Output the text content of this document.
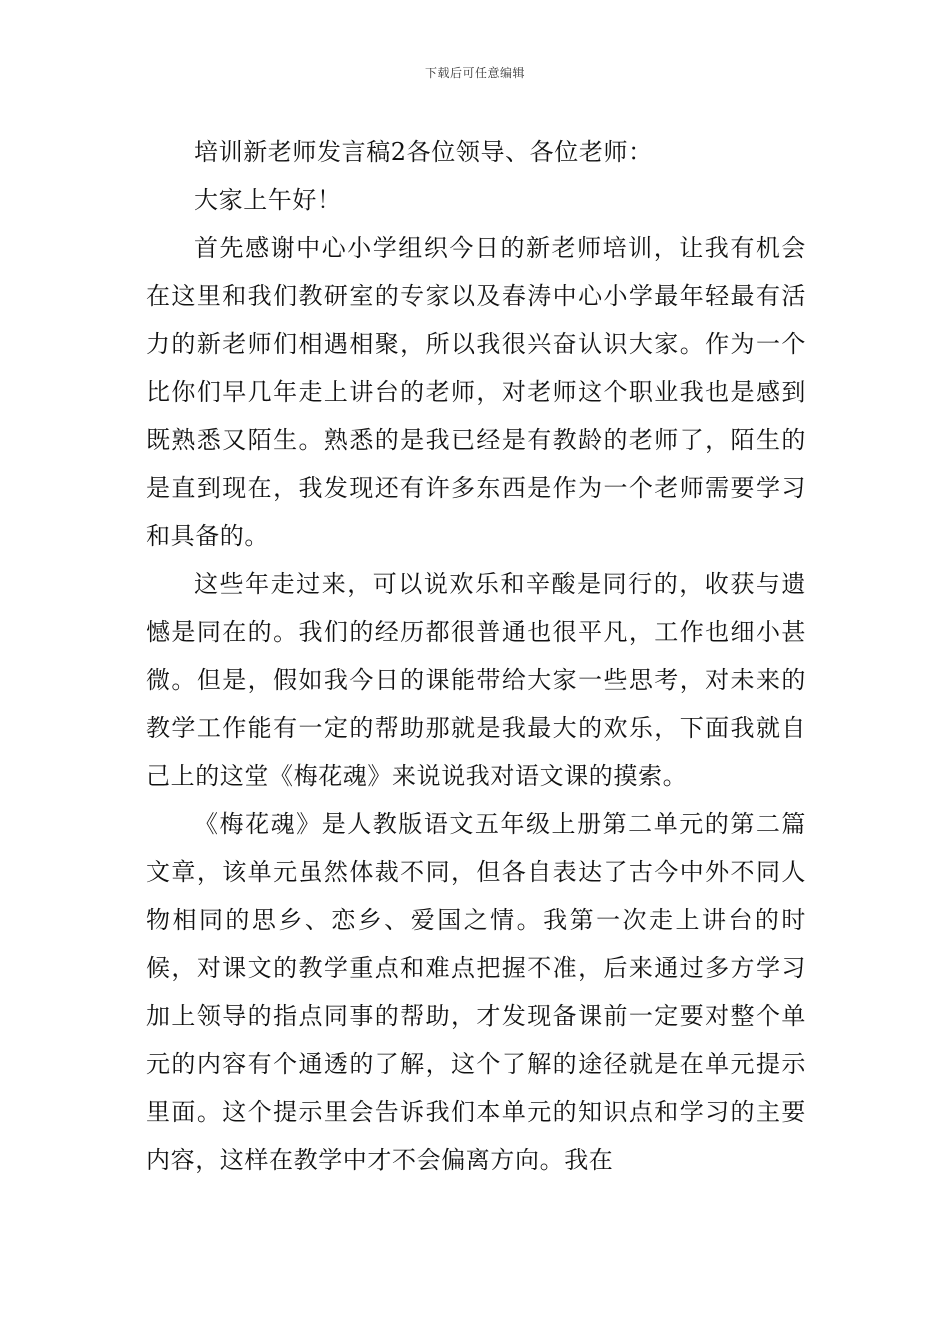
下载后可任意编辑

培训新老师发言稿2各位领导、各位老师：

大家上午好！

首先感谢中心小学组织今日的新老师培训，让我有机会在这里和我们教研室的专家以及春涛中心小学最年轻最有活力的新老师们相遇相聚，所以我很兴奋认识大家。作为一个比你们早几年走上讲台的老师，对老师这个职业我也是感到既熟悉又陌生。熟悉的是我已经是有教龄的老师了，陌生的是直到现在，我发现还有许多东西是作为一个老师需要学习和具备的。

这些年走过来，可以说欢乐和辛酸是同行的，收获与遗憾是同在的。我们的经历都很普通也很平凡，工作也细小甚微。但是，假如我今日的课能带给大家一些思考，对未来的教学工作能有一定的帮助那就是我最大的欢乐，下面我就自己上的这堂《梅花魂》来说说我对语文课的摸索。

《梅花魂》是人教版语文五年级上册第二单元的第二篇文章，该单元虽然体裁不同，但各自表达了古今中外不同人物相同的思乡、恋乡、爱国之情。我第一次走上讲台的时候，对课文的教学重点和难点把握不准，后来通过多方学习加上领导的指点同事的帮助，才发现备课前一定要对整个单元的内容有个通透的了解，这个了解的途径就是在单元提示里面。这个提示里会告诉我们本单元的知识点和学习的主要内容，这样在教学中才不会偏离方向。我在
